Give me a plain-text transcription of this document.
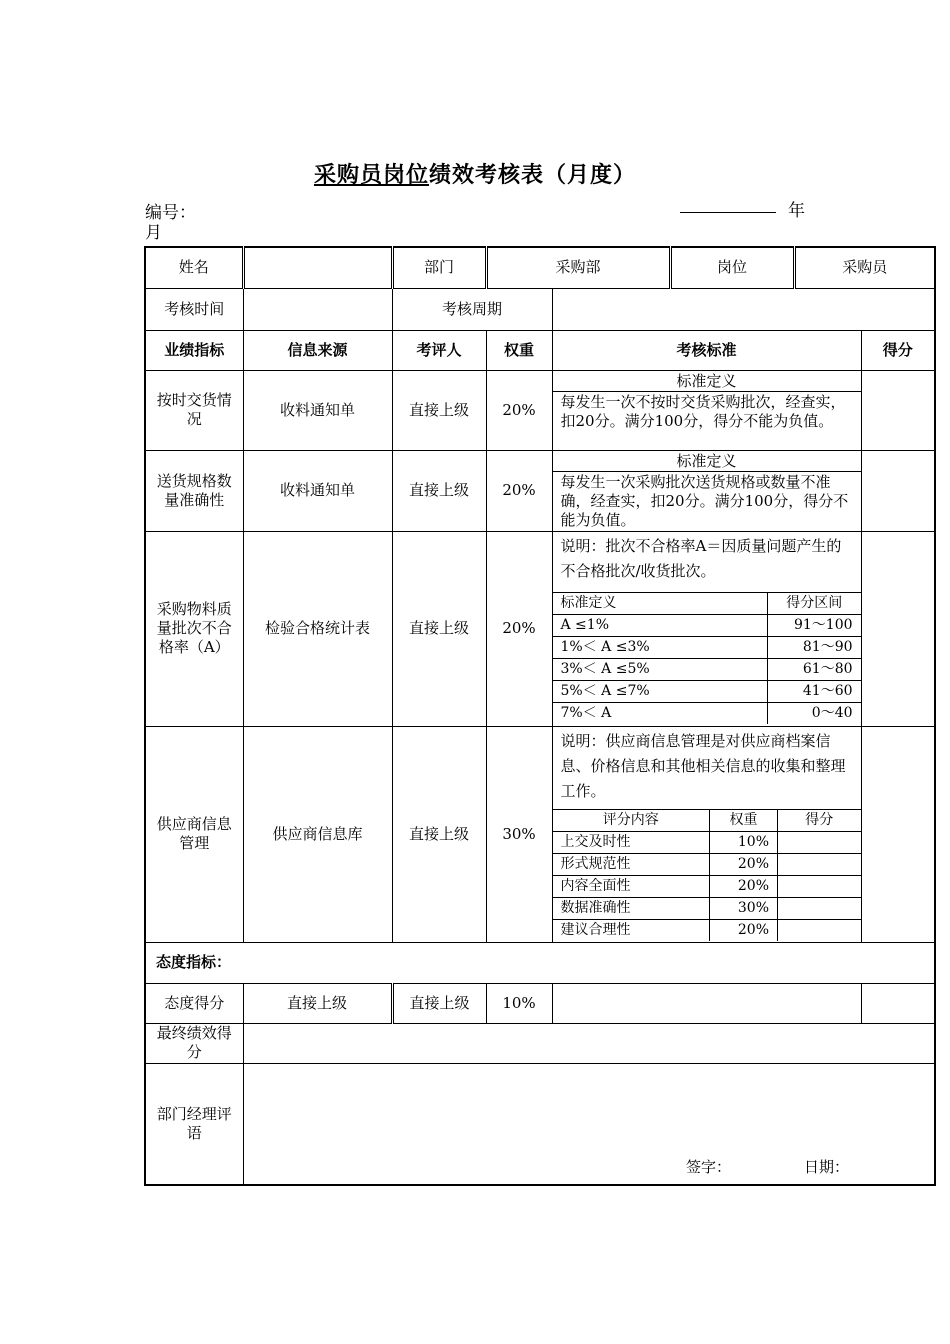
采购员岗位绩效考核表（月度）
编号：	年
月
姓名		部门	采购部	岗位	采购员
考核时间		考核周期	
业绩指标	信息来源	考评人	权重	考核标准	得分
按时交货情况	收料通知单	直接上级	20%	
标准定义
每发生一次不按时交货采购批次，经查实，扣20分。满分100分，得分不能为负值。

送货规格数量准确性	收料通知单	直接上级	20%	
标准定义
每发生一次采购批次送货规格或数量不准确，经查实，扣20分。满分100分，得分不能为负值。

采购物料质量批次不合格率（A）	检验合格统计表	直接上级	20%	
说明：批次不合格率A＝因质量问题产生的不合格批次/收货批次。
标准定义	得分区间
A ≤1%	91～100
1%＜ A ≤3%	81～90
3%＜ A ≤5%	61～80
5%＜ A ≤7%	41～60
7%＜ A	0～40

供应商信息管理	供应商信息库	直接上级	30%	
说明：供应商信息管理是对供应商档案信息、价格信息和其他相关信息的收集和整理工作。
评分内容	权重	得分
上交及时性	10%	
形式规范性	20%	
内容全面性	20%	
数据准确性	30%	
建议合理性	20%	

态度指标：
态度得分	直接上级	直接上级	10%		
最终绩效得分	
部门经理评语	
签字：	日期：
